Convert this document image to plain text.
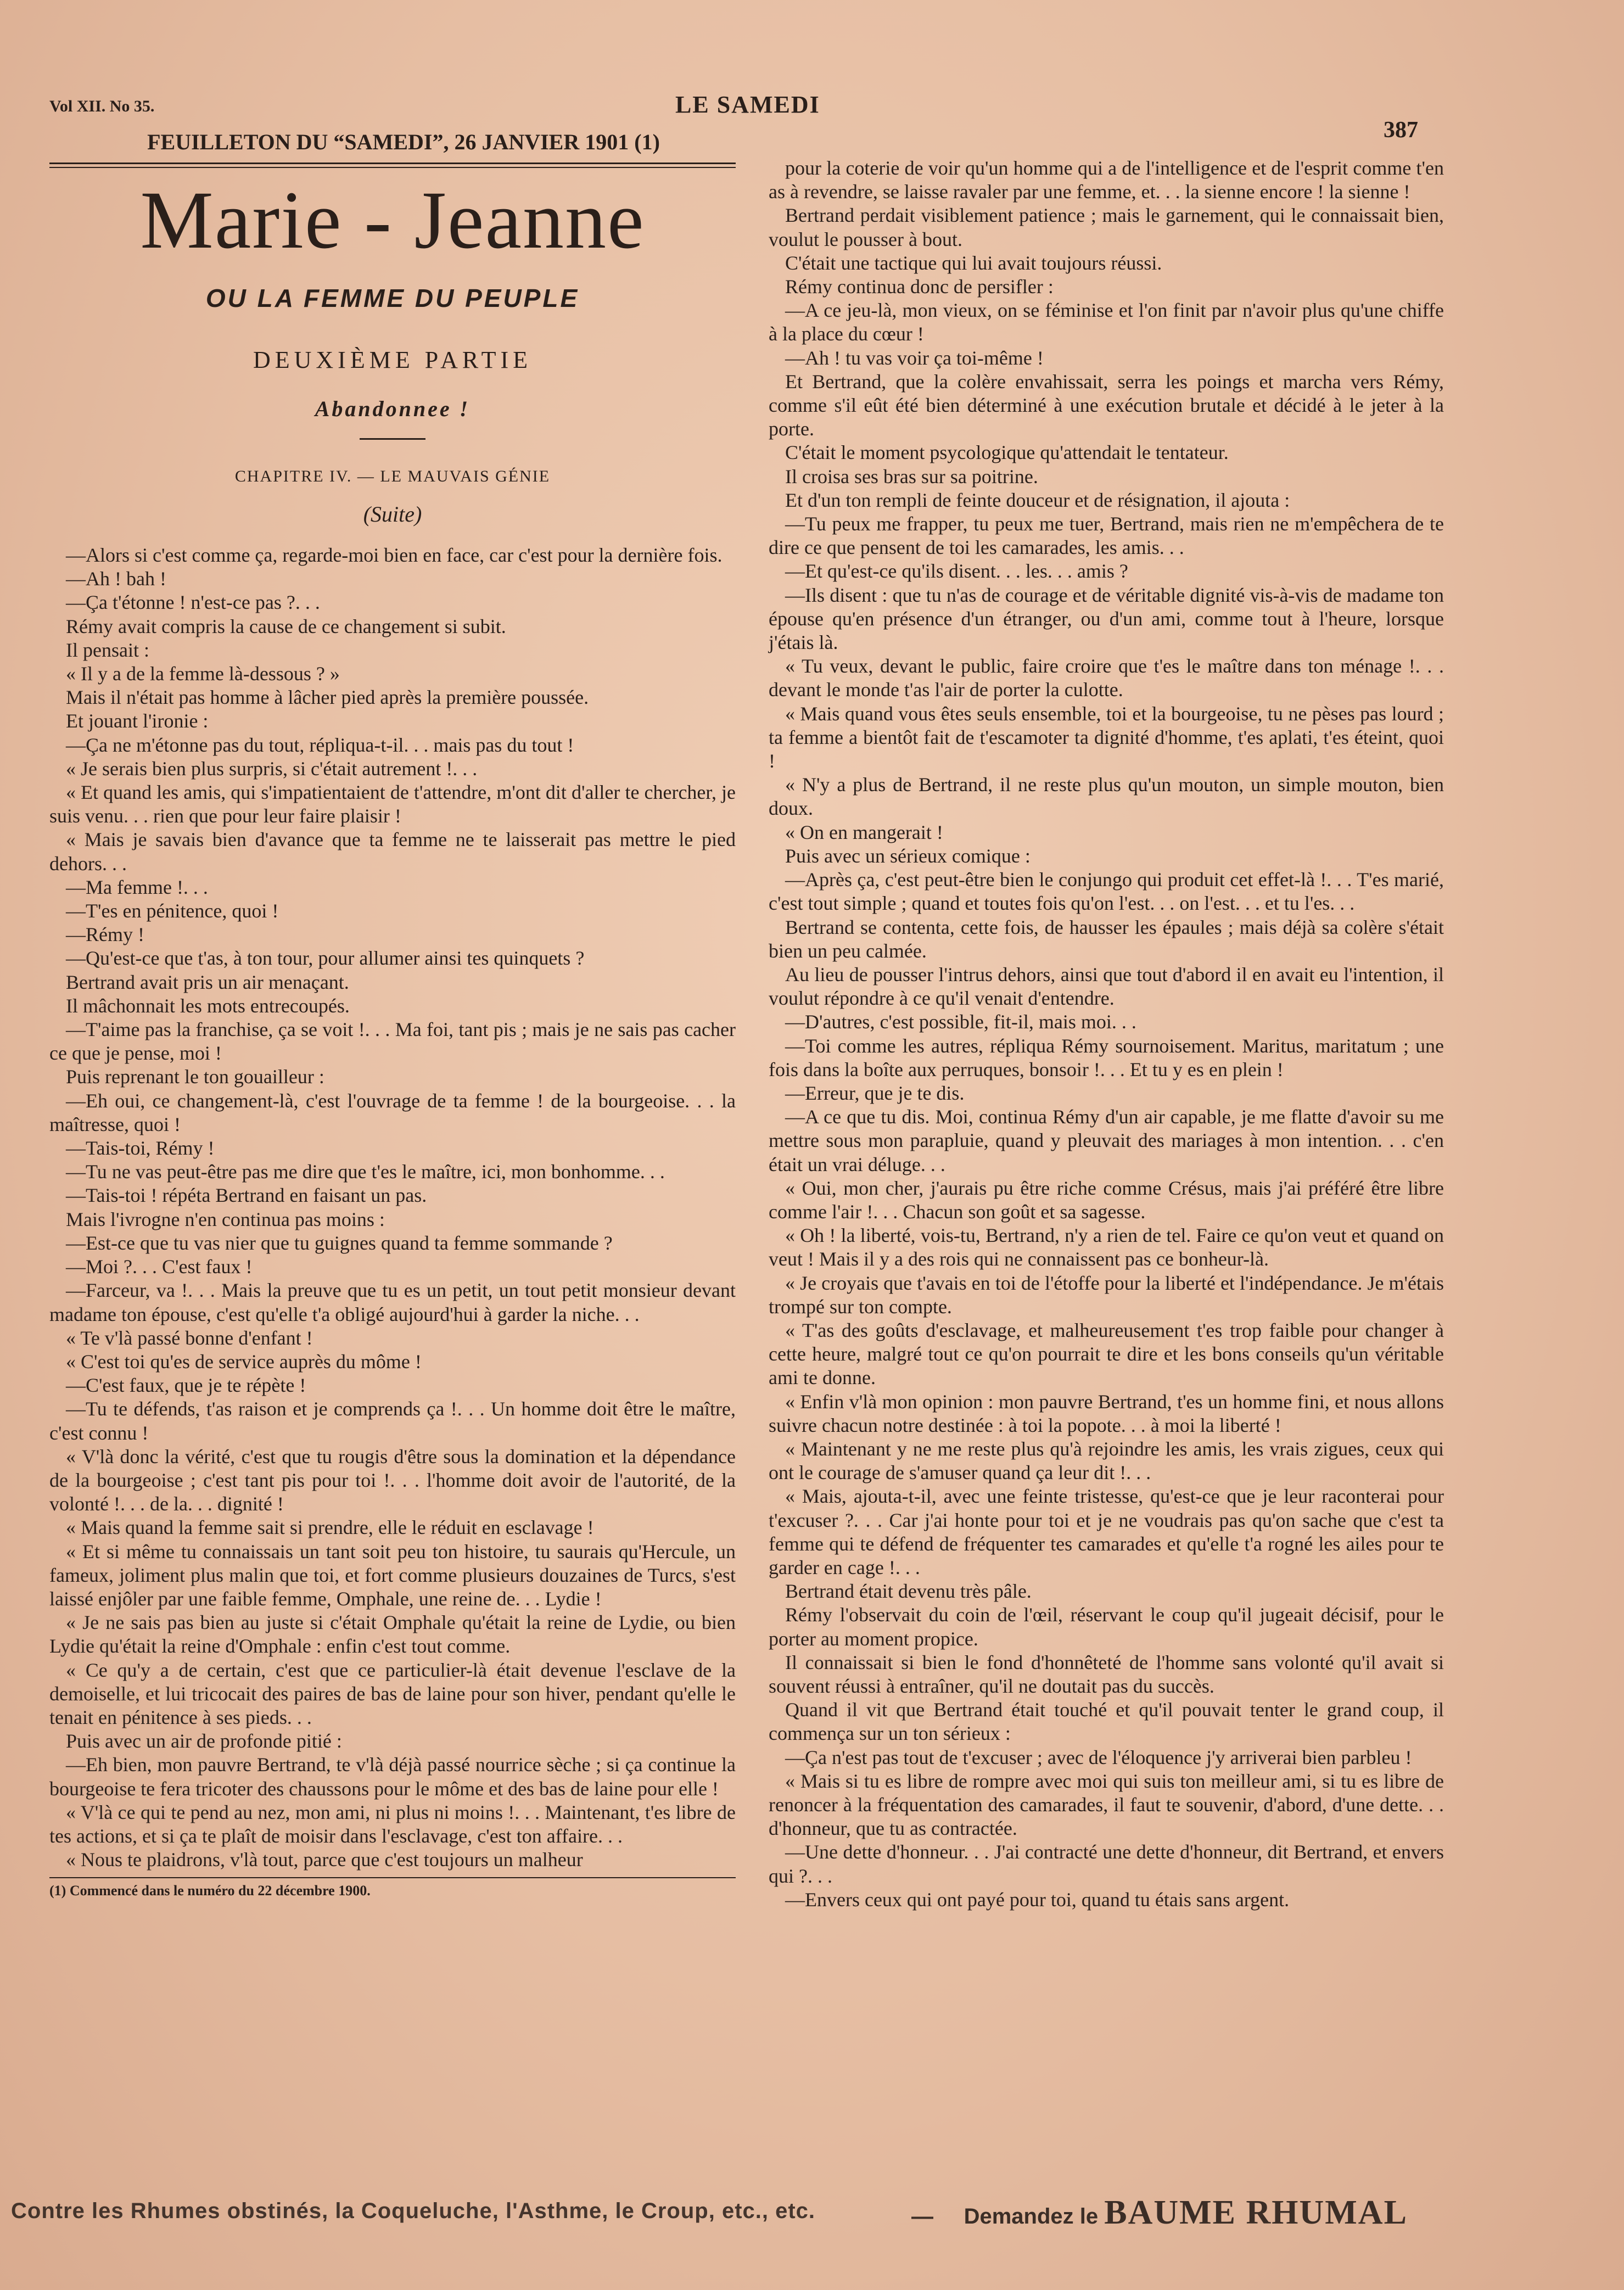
Vol XII. No 35.	LE SAMEDI
387
FEUILLETON DU “SAMEDI”, 26 JANVIER 1901 (1)
Marie - Jeanne
OU LA FEMME DU PEUPLE
DEUXIÈME PARTIE
Abandonnee !
CHAPITRE IV. — LE MAUVAIS GÉNIE
(Suite)

—Alors si c'est comme ça, regarde-moi bien en face, car c'est pour la dernière fois.

—Ah ! bah !

—Ça t'étonne ! n'est-ce pas ?. . .

Rémy avait compris la cause de ce changement si subit.

Il pensait :

« Il y a de la femme là-dessous ? »

Mais il n'était pas homme à lâcher pied après la première poussée.

Et jouant l'ironie :

—Ça ne m'étonne pas du tout, répliqua-t-il. . . mais pas du tout !

« Je serais bien plus surpris, si c'était autrement !. . .

« Et quand les amis, qui s'impatientaient de t'attendre, m'ont dit d'aller te chercher, je suis venu. . . rien que pour leur faire plaisir !

« Mais je savais bien d'avance que ta femme ne te laisserait pas mettre le pied dehors. . .

—Ma femme !. . .

—T'es en pénitence, quoi !

—Rémy !

—Qu'est-ce que t'as, à ton tour, pour allumer ainsi tes quinquets ?

Bertrand avait pris un air menaçant.

Il mâchonnait les mots entrecoupés.

—T'aime pas la franchise, ça se voit !. . . Ma foi, tant pis ; mais je ne sais pas cacher ce que je pense, moi !

Puis reprenant le ton gouailleur :

—Eh oui, ce changement-là, c'est l'ouvrage de ta femme ! de la bourgeoise. . . la maîtresse, quoi !

—Tais-toi, Rémy !

—Tu ne vas peut-être pas me dire que t'es le maître, ici, mon bonhomme. . .

—Tais-toi ! répéta Bertrand en faisant un pas.

Mais l'ivrogne n'en continua pas moins :

—Est-ce que tu vas nier que tu guignes quand ta femme sommande ?

—Moi ?. . . C'est faux !

—Farceur, va !. . . Mais la preuve que tu es un petit, un tout petit monsieur devant madame ton épouse, c'est qu'elle t'a obligé aujourd'hui à garder la niche. . .

« Te v'là passé bonne d'enfant !

« C'est toi qu'es de service auprès du môme !

—C'est faux, que je te répète !

—Tu te défends, t'as raison et je comprends ça !. . . Un homme doit être le maître, c'est connu !

« V'là donc la vérité, c'est que tu rougis d'être sous la domination et la dépendance de la bourgeoise ; c'est tant pis pour toi !. . . l'homme doit avoir de l'autorité, de la volonté !. . . de la. . . dignité !

« Mais quand la femme sait si prendre, elle le réduit en esclavage !

« Et si même tu connaissais un tant soit peu ton histoire, tu saurais qu'Hercule, un fameux, joliment plus malin que toi, et fort comme plusieurs douzaines de Turcs, s'est laissé enjôler par une faible femme, Omphale, une reine de. . . Lydie !

« Je ne sais pas bien au juste si c'était Omphale qu'était la reine de Lydie, ou bien Lydie qu'était la reine d'Omphale : enfin c'est tout comme.

« Ce qu'y a de certain, c'est que ce particulier-là était devenue l'esclave de la demoiselle, et lui tricocait des paires de bas de laine pour son hiver, pendant qu'elle le tenait en pénitence à ses pieds. . .

Puis avec un air de profonde pitié :

—Eh bien, mon pauvre Bertrand, te v'là déjà passé nourrice sèche ; si ça continue la bourgeoise te fera tricoter des chaussons pour le môme et des bas de laine pour elle !

« V'là ce qui te pend au nez, mon ami, ni plus ni moins !. . . Maintenant, t'es libre de tes actions, et si ça te plaît de moisir dans l'esclavage, c'est ton affaire. . .

« Nous te plaidrons, v'là tout, parce que c'est toujours un malheur

(1) Commencé dans le numéro du 22 décembre 1900.

pour la coterie de voir qu'un homme qui a de l'intelligence et de l'esprit comme t'en as à revendre, se laisse ravaler par une femme, et. . . la sienne encore ! la sienne !

Bertrand perdait visiblement patience ; mais le garnement, qui le connaissait bien, voulut le pousser à bout.

C'était une tactique qui lui avait toujours réussi.

Rémy continua donc de persifler :

—A ce jeu-là, mon vieux, on se féminise et l'on finit par n'avoir plus qu'une chiffe à la place du cœur !

—Ah ! tu vas voir ça toi-même !

Et Bertrand, que la colère envahissait, serra les poings et marcha vers Rémy, comme s'il eût été bien déterminé à une exécution brutale et décidé à le jeter à la porte.

C'était le moment psycologique qu'attendait le tentateur.

Il croisa ses bras sur sa poitrine.

Et d'un ton rempli de feinte douceur et de résignation, il ajouta :

—Tu peux me frapper, tu peux me tuer, Bertrand, mais rien ne m'empêchera de te dire ce que pensent de toi les camarades, les amis. . .

—Et qu'est-ce qu'ils disent. . . les. . . amis ?

—Ils disent : que tu n'as de courage et de véritable dignité vis-à-vis de madame ton épouse qu'en présence d'un étranger, ou d'un ami, comme tout à l'heure, lorsque j'étais là.

« Tu veux, devant le public, faire croire que t'es le maître dans ton ménage !. . . devant le monde t'as l'air de porter la culotte.

« Mais quand vous êtes seuls ensemble, toi et la bourgeoise, tu ne pèses pas lourd ; ta femme a bientôt fait de t'escamoter ta dignité d'homme, t'es aplati, t'es éteint, quoi !

« N'y a plus de Bertrand, il ne reste plus qu'un mouton, un simple mouton, bien doux.

« On en mangerait !

Puis avec un sérieux comique :

—Après ça, c'est peut-être bien le conjungo qui produit cet effet-là !. . . T'es marié, c'est tout simple ; quand et toutes fois qu'on l'est. . . on l'est. . . et tu l'es. . .

Bertrand se contenta, cette fois, de hausser les épaules ; mais déjà sa colère s'était bien un peu calmée.

Au lieu de pousser l'intrus dehors, ainsi que tout d'abord il en avait eu l'intention, il voulut répondre à ce qu'il venait d'entendre.

—D'autres, c'est possible, fit-il, mais moi. . .

—Toi comme les autres, répliqua Rémy sournoisement. Maritus, maritatum ; une fois dans la boîte aux perruques, bonsoir !. . . Et tu y es en plein !

—Erreur, que je te dis.

—A ce que tu dis. Moi, continua Rémy d'un air capable, je me flatte d'avoir su me mettre sous mon parapluie, quand y pleuvait des mariages à mon intention. . . c'en était un vrai déluge. . .

« Oui, mon cher, j'aurais pu être riche comme Crésus, mais j'ai préféré être libre comme l'air !. . . Chacun son goût et sa sagesse.

« Oh ! la liberté, vois-tu, Bertrand, n'y a rien de tel. Faire ce qu'on veut et quand on veut ! Mais il y a des rois qui ne connaissent pas ce bonheur-là.

« Je croyais que t'avais en toi de l'étoffe pour la liberté et l'indépendance. Je m'étais trompé sur ton compte.

« T'as des goûts d'esclavage, et malheureusement t'es trop faible pour changer à cette heure, malgré tout ce qu'on pourrait te dire et les bons conseils qu'un véritable ami te donne.

« Enfin v'là mon opinion : mon pauvre Bertrand, t'es un homme fini, et nous allons suivre chacun notre destinée : à toi la popote. . . à moi la liberté !

« Maintenant y ne me reste plus qu'à rejoindre les amis, les vrais zigues, ceux qui ont le courage de s'amuser quand ça leur dit !. . .

« Mais, ajouta-t-il, avec une feinte tristesse, qu'est-ce que je leur raconterai pour t'excuser ?. . . Car j'ai honte pour toi et je ne voudrais pas qu'on sache que c'est ta femme qui te défend de fréquenter tes camarades et qu'elle t'a rogné les ailes pour te garder en cage !. . .

Bertrand était devenu très pâle.

Rémy l'observait du coin de l'œil, réservant le coup qu'il jugeait décisif, pour le porter au moment propice.

Il connaissait si bien le fond d'honnêteté de l'homme sans volonté qu'il avait si souvent réussi à entraîner, qu'il ne doutait pas du succès.

Quand il vit que Bertrand était touché et qu'il pouvait tenter le grand coup, il commença sur un ton sérieux :

—Ça n'est pas tout de t'excuser ; avec de l'éloquence j'y arriverai bien parbleu !

« Mais si tu es libre de rompre avec moi qui suis ton meilleur ami, si tu es libre de renoncer à la fréquentation des camarades, il faut te souvenir, d'abord, d'une dette. . . d'honneur, que tu as contractée.

—Une dette d'honneur. . . J'ai contracté une dette d'honneur, dit Bertrand, et envers qui ?. . .

—Envers ceux qui ont payé pour toi, quand tu étais sans argent.

Contre les Rhumes obstinés, la Coqueluche, l'Asthme, le Croup, etc., etc.	— Demandez le BAUME RHUMAL
